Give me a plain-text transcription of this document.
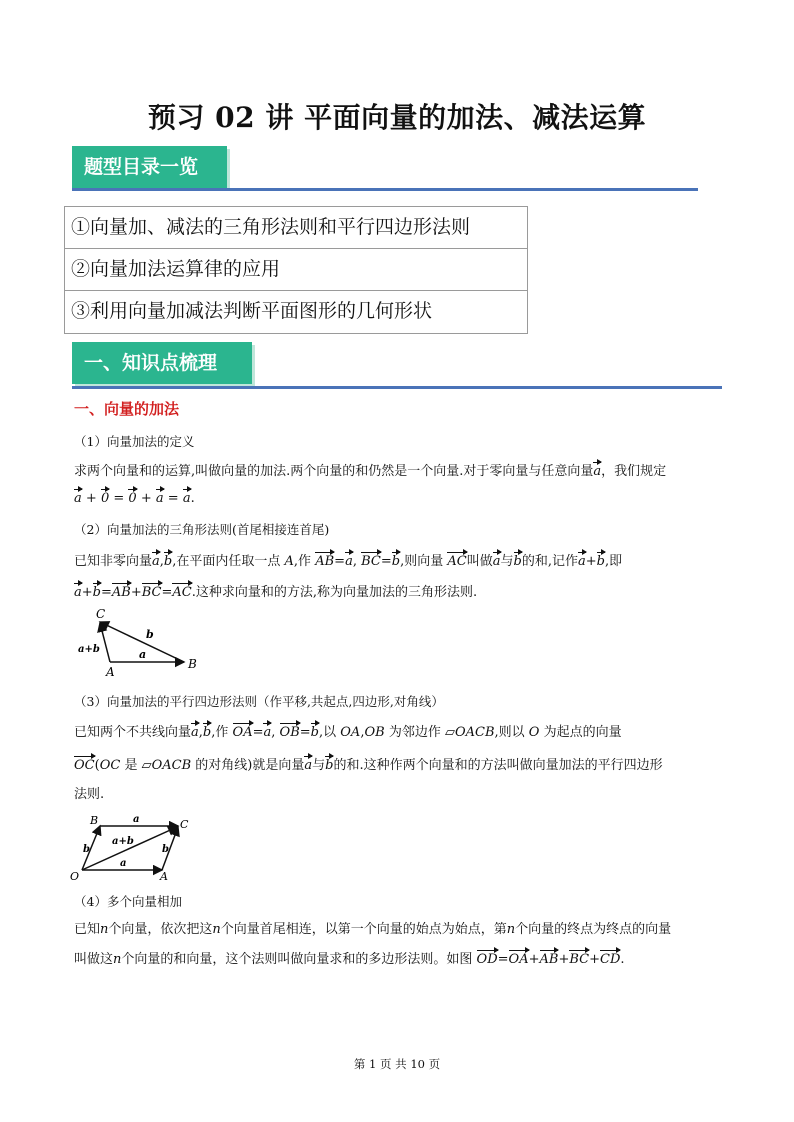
预习 02 讲 平面向量的加法、减法运算
题型目录一览
①向量加、减法的三角形法则和平行四边形法则
②向量加法运算律的应用
③利用向量加减法判断平面图形的几何形状
一、知识点梳理
一、向量的加法
（1）向量加法的定义
求两个向量和的运算,叫做向量的加法.两个向量的和仍然是一个向量.对于零向量与任意向量a，我们规定
a + 0 = 0 + a = a.
（2）向量加法的三角形法则(首尾相接连首尾)
已知非零向量a,b,在平面内任取一点 A,作 AB=a, BC=b,则向量 AC叫做a与b的和,记作a+b,即
a+b=AB+BC=AC.这种求向量和的方法,称为向量加法的三角形法则.
C
A
B
a
b
a+b
（3）向量加法的平行四边形法则（作平移,共起点,四边形,对角线）
已知两个不共线向量a,b,作 OA=a, OB=b,以 OA,OB 为邻边作 ▱OACB,则以 O 为起点的向量
OC(OC 是 ▱OACB 的对角线)就是向量a与b的和.这种作两个向量和的方法叫做向量加法的平行四边形
法则.
B	C
O	A
a
a
b	b
a+b
（4）多个向量相加
已知n个向量，依次把这n个向量首尾相连，以第一个向量的始点为始点，第n个向量的终点为终点的向量
叫做这n个向量的和向量，这个法则叫做向量求和的多边形法则。如图 OD=OA+AB+BC+CD.
第 1 页 共 10 页
